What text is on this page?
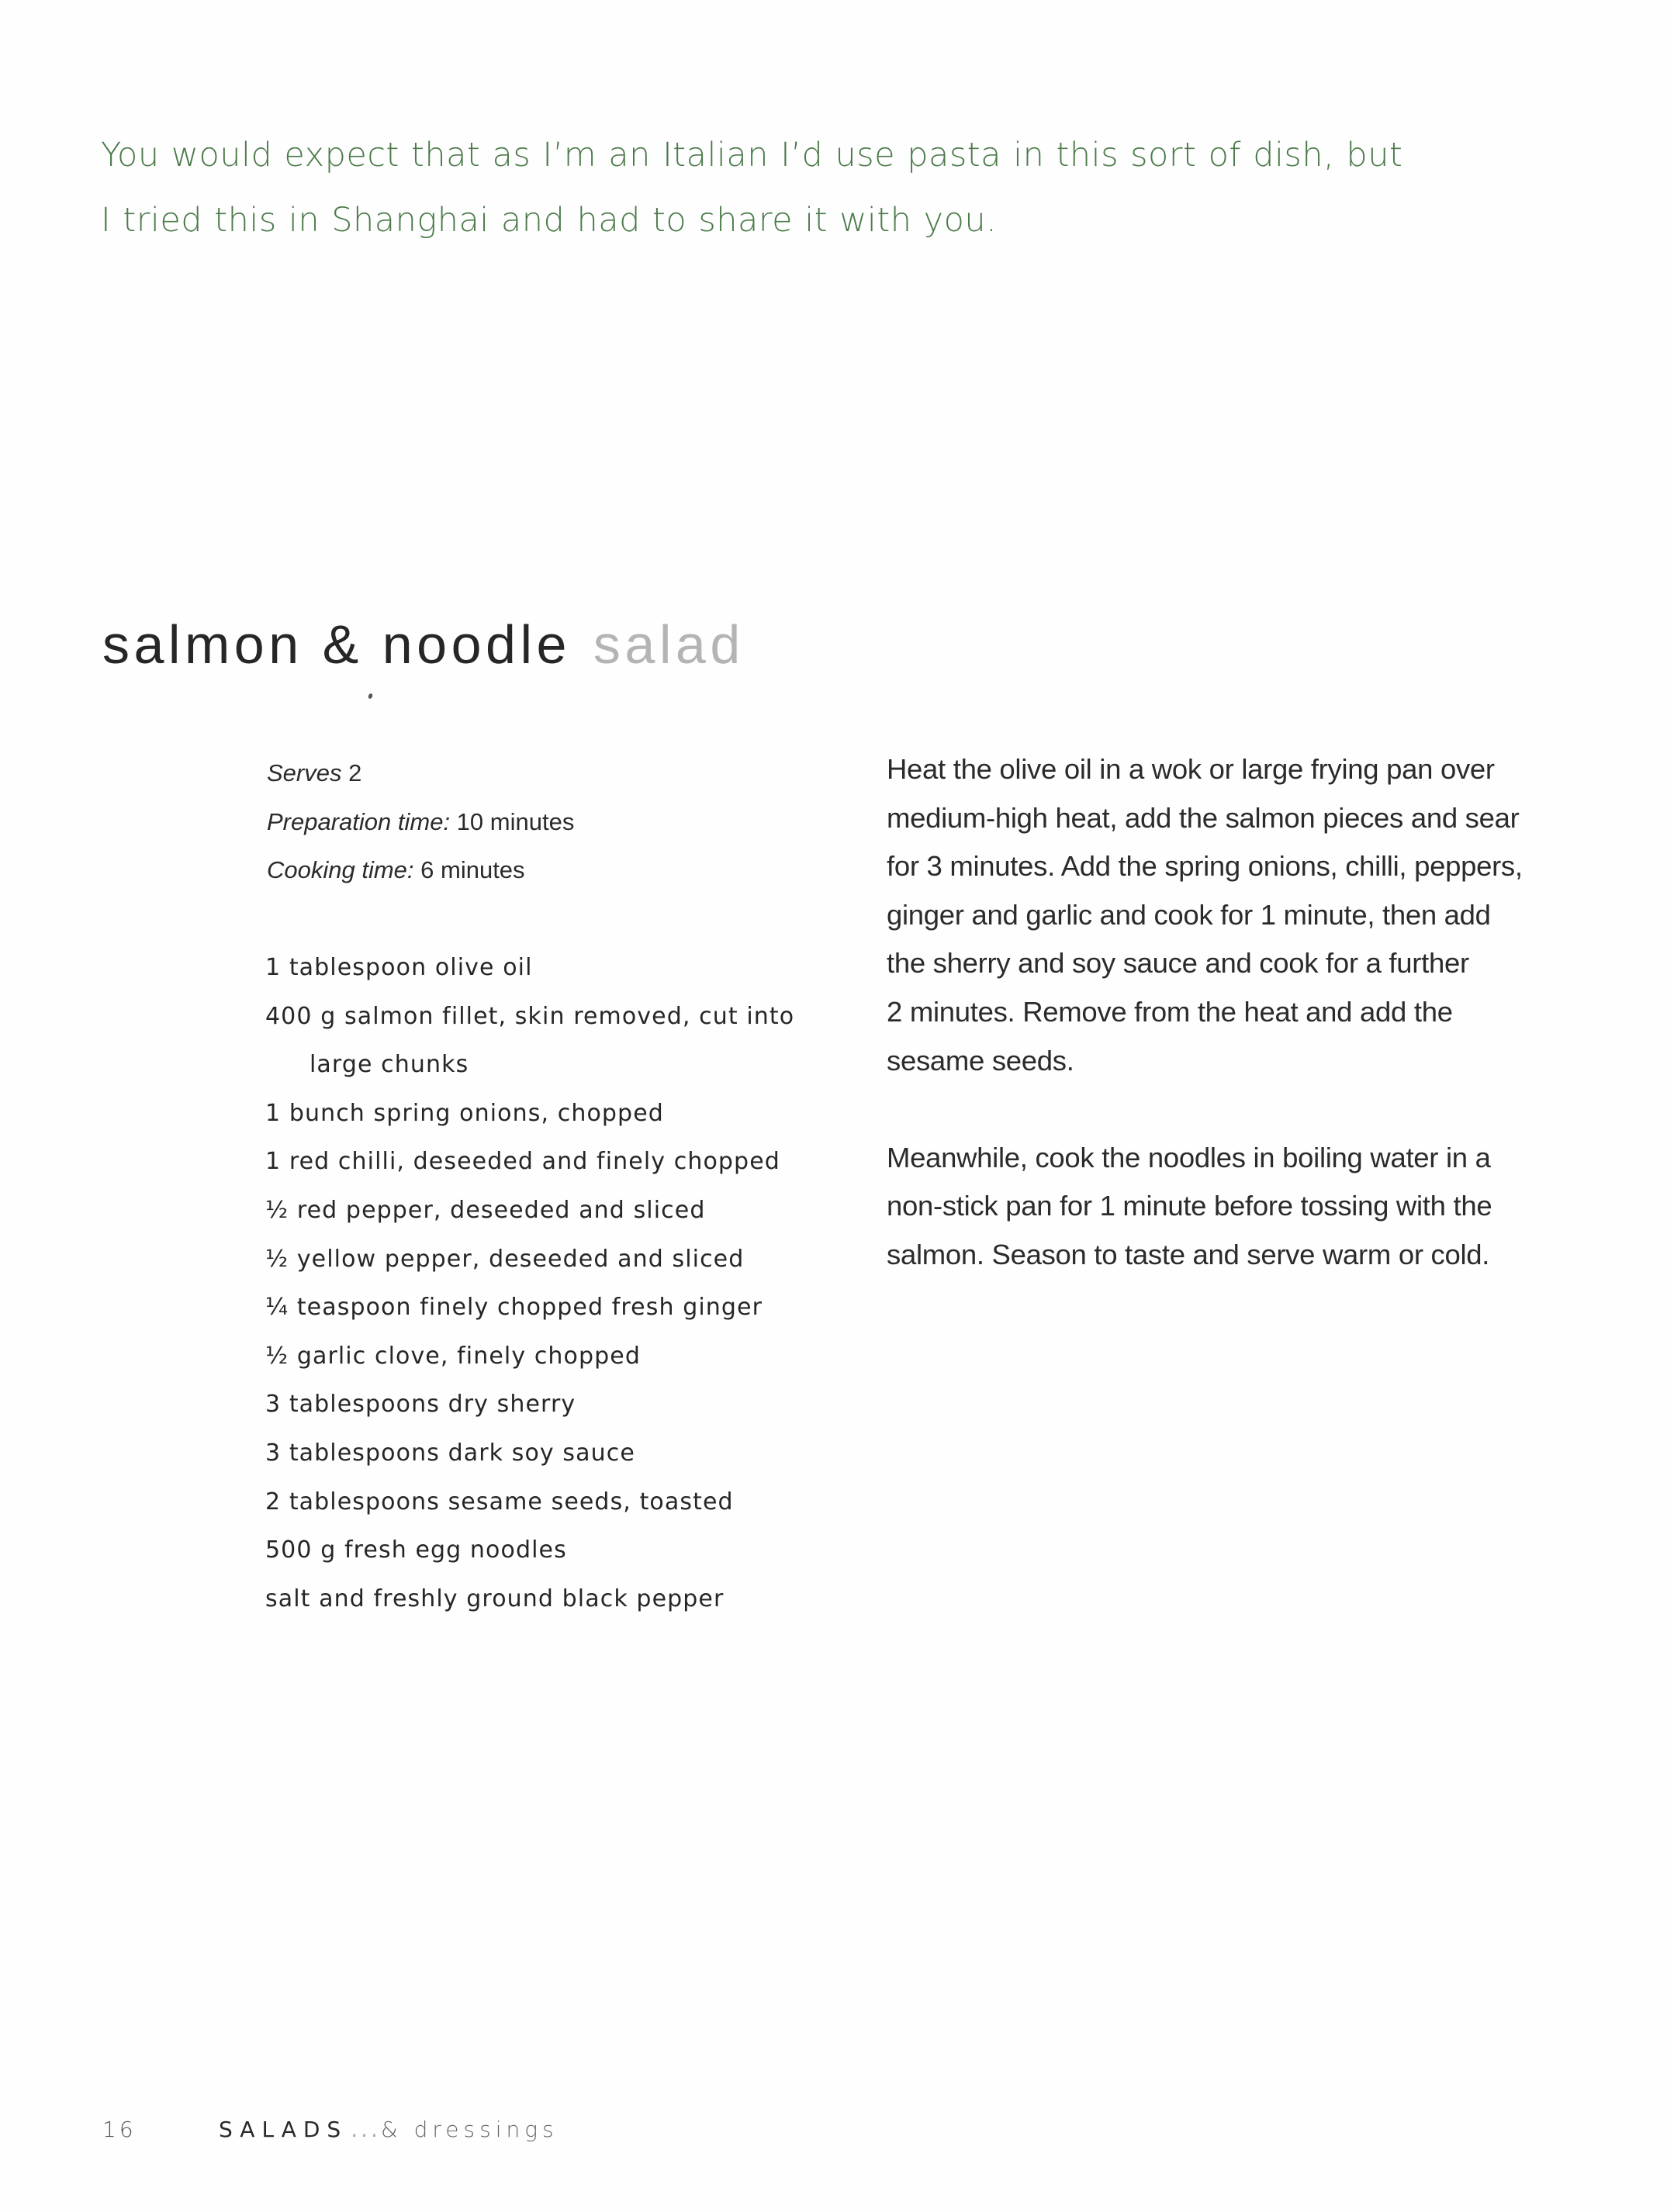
You would expect that as I’m an Italian I’d use pasta in this sort of dish, but
I tried this in Shanghai and had to share it with you.

salmon & noodle salad
Serves 2
Preparation time: 10 minutes
Cooking time: 6 minutes
1 tablespoon olive oil
400 g salmon fillet, skin removed, cut into large chunks
1 bunch spring onions, chopped
1 red chilli, deseeded and finely chopped
½ red pepper, deseeded and sliced
½ yellow pepper, deseeded and sliced
¼ teaspoon finely chopped fresh ginger
½ garlic clove, finely chopped
3 tablespoons dry sherry
3 tablespoons dark soy sauce
2 tablespoons sesame seeds, toasted
500 g fresh egg noodles
salt and freshly ground black pepper

Heat the olive oil in a wok or large frying pan over
medium-high heat, add the salmon pieces and sear
for 3 minutes. Add the spring onions, chilli, peppers,
ginger and garlic and cook for 1 minute, then add
the sherry and soy sauce and cook for a further
2 minutes. Remove from the heat and add the
sesame seeds.

Meanwhile, cook the noodles in boiling water in a
non-stick pan for 1 minute before tossing with the
salmon. Season to taste and serve warm or cold.

16	SALADS ...& dressings
